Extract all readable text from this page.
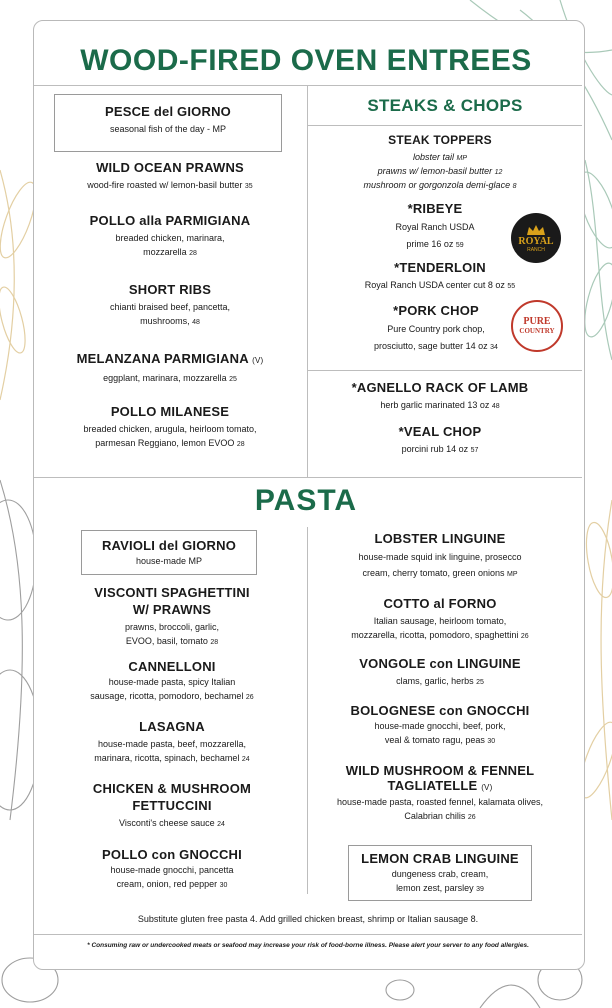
WOOD-FIRED OVEN ENTREES
PESCE del GIORNO
seasonal fish of the day - MP
WILD OCEAN PRAWNS
wood-fire roasted w/ lemon-basil butter 35
POLLO alla PARMIGIANA
breaded chicken, marinara,
mozzarella 28
SHORT RIBS
chianti braised beef, pancetta,
mushrooms, 48
MELANZANA PARMIGIANA (V)
eggplant, marinara, mozzarella 25
POLLO MILANESE
breaded chicken, arugula, heirloom tomato,
parmesan Reggiano, lemon EVOO 28
STEAKS & CHOPS
STEAK TOPPERS
lobster tail MP
prawns w/ lemon-basil butter 12
mushroom or gorgonzola demi-glace 8
*RIBEYE
Royal Ranch USDA
prime 16 oz 59	ROYAL
RANCH
*TENDERLOIN
Royal Ranch USDA center cut 8 oz 55
*PORK CHOP
Pure Country pork chop,
prosciutto, sage butter 14 oz 34
PURE
COUNTRY
*AGNELLO RACK OF LAMB
herb garlic marinated 13 oz 48
*VEAL CHOP
porcini rub 14 oz 57
PASTA
RAVIOLI del GIORNO
house-made MP
VISCONTI SPAGHETTINI
W/ PRAWNS
prawns, broccoli, garlic,
EVOO, basil, tomato 28
CANNELLONI
house-made pasta, spicy Italian
sausage, ricotta, pomodoro, bechamel 26
LASAGNA
house-made pasta, beef, mozzarella,
marinara, ricotta, spinach, bechamel 24
CHICKEN & MUSHROOM
FETTUCCINI
Visconti's cheese sauce 24
POLLO con GNOCCHI
house-made gnocchi, pancetta
cream, onion, red pepper 30
LOBSTER LINGUINE
house-made squid ink linguine, prosecco
cream, cherry tomato, green onions MP
COTTO al FORNO
Italian sausage, heirloom tomato,
mozzarella, ricotta, pomodoro, spaghettini 26
VONGOLE con LINGUINE
clams, garlic, herbs 25
BOLOGNESE con GNOCCHI
house-made gnocchi, beef, pork,
veal & tomato ragu, peas 30
WILD MUSHROOM & FENNEL
TAGLIATELLE (V)
house-made pasta, roasted fennel, kalamata olives,
Calabrian chilis 26
LEMON CRAB LINGUINE
dungeness crab, cream,
lemon zest, parsley 39
Substitute gluten free pasta 4. Add grilled chicken breast, shrimp or Italian sausage 8.
* Consuming raw or undercooked meats or seafood may increase your risk of food-borne illness. Please alert your server to any food allergies.
